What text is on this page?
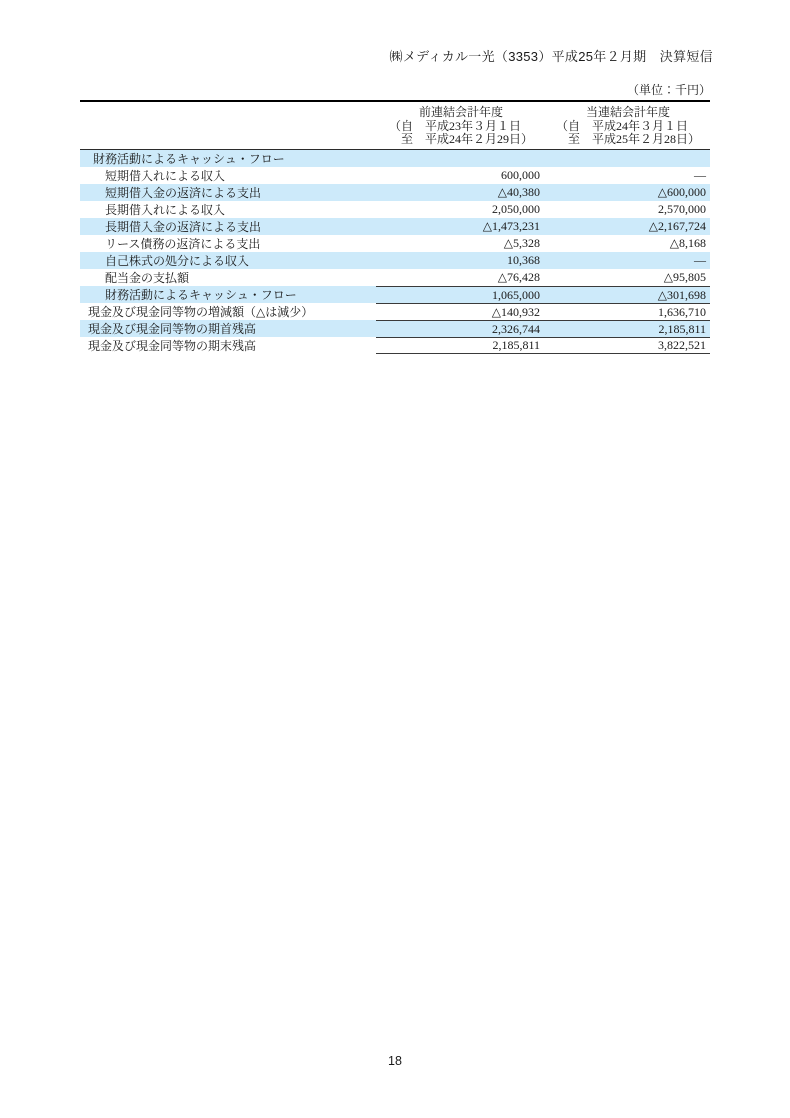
㈱メディカル一光（3353）平成25年２月期　決算短信
（単位：千円）
前連結会計年度
（自　平成23年３月１日
　至　平成24年２月29日）
当連結会計年度
（自　平成24年３月１日
　至　平成25年２月28日）
財務活動によるキャッシュ・フロー
短期借入れによる収入	600,000	―
短期借入金の返済による支出	△40,380	△600,000
長期借入れによる収入	2,050,000	2,570,000
長期借入金の返済による支出	△1,473,231	△2,167,724
リース債務の返済による支出	△5,328	△8,168
自己株式の処分による収入	10,368	―
配当金の支払額	△76,428	△95,805
財務活動によるキャッシュ・フロー	1,065,000	△301,698
現金及び現金同等物の増減額（△は減少）	△140,932	1,636,710
現金及び現金同等物の期首残高	2,326,744	2,185,811
現金及び現金同等物の期末残高	2,185,811	3,822,521
18
